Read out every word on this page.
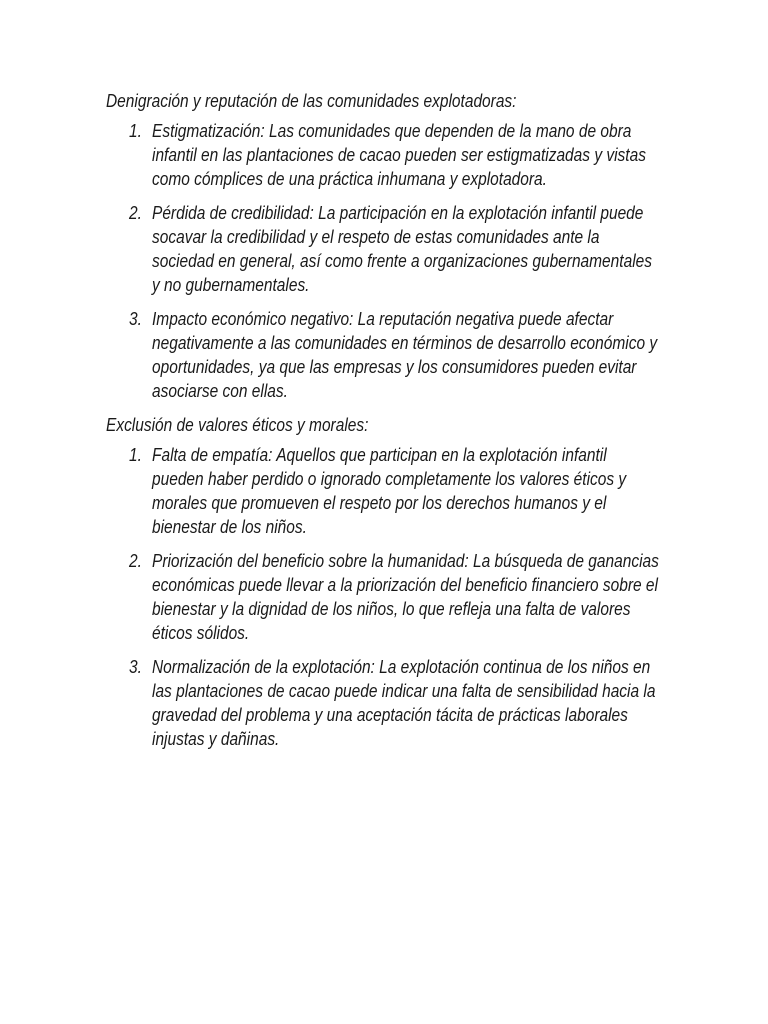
Denigración y reputación de las comunidades explotadoras:
1. Estigmatización: Las comunidades que dependen de la mano de obra infantil en las plantaciones de cacao pueden ser estigmatizadas y vistas como cómplices de una práctica inhumana y explotadora.
2. Pérdida de credibilidad: La participación en la explotación infantil puede socavar la credibilidad y el respeto de estas comunidades ante la sociedad en general, así como frente a organizaciones gubernamentales y no gubernamentales.
3. Impacto económico negativo: La reputación negativa puede afectar negativamente a las comunidades en términos de desarrollo económico y oportunidades, ya que las empresas y los consumidores pueden evitar asociarse con ellas.
Exclusión de valores éticos y morales:
1. Falta de empatía: Aquellos que participan en la explotación infantil pueden haber perdido o ignorado completamente los valores éticos y morales que promueven el respeto por los derechos humanos y el bienestar de los niños.
2. Priorización del beneficio sobre la humanidad: La búsqueda de ganancias económicas puede llevar a la priorización del beneficio financiero sobre el bienestar y la dignidad de los niños, lo que refleja una falta de valores éticos sólidos.
3. Normalización de la explotación: La explotación continua de los niños en las plantaciones de cacao puede indicar una falta de sensibilidad hacia la gravedad del problema y una aceptación tácita de prácticas laborales injustas y dañinas.
